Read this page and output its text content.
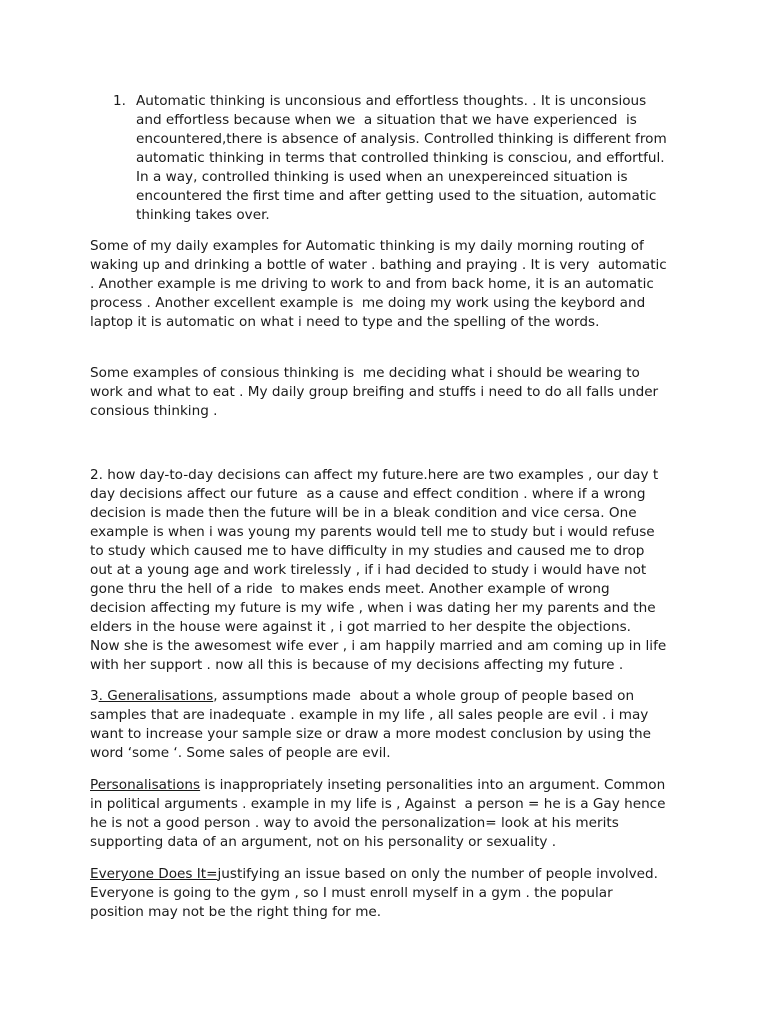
1. Automatic thinking is unconsious and effortless thoughts. . It is unconsious
and effortless because when we  a situation that we have experienced  is
encountered,there is absence of analysis. Controlled thinking is different from
automatic thinking in terms that controlled thinking is consciou, and effortful.
In a way, controlled thinking is used when an unexpereinced situation is
encountered the first time and after getting used to the situation, automatic
thinking takes over.
Some of my daily examples for Automatic thinking is my daily morning routing of
waking up and drinking a bottle of water . bathing and praying . It is very  automatic
. Another example is me driving to work to and from back home, it is an automatic
process . Another excellent example is  me doing my work using the keybord and
laptop it is automatic on what i need to type and the spelling of the words.
Some examples of consious thinking is  me deciding what i should be wearing to
work and what to eat . My daily group breifing and stuffs i need to do all falls under
consious thinking .
2. how day-to-day decisions can affect my future.here are two examples , our day t
day decisions affect our future  as a cause and effect condition . where if a wrong
decision is made then the future will be in a bleak condition and vice cersa. One
example is when i was young my parents would tell me to study but i would refuse
to study which caused me to have difficulty in my studies and caused me to drop
out at a young age and work tirelessly , if i had decided to study i would have not
gone thru the hell of a ride  to makes ends meet. Another example of wrong
decision affecting my future is my wife , when i was dating her my parents and the
elders in the house were against it , i got married to her despite the objections.
Now she is the awesomest wife ever , i am happily married and am coming up in life
with her support . now all this is because of my decisions affecting my future .
3. Generalisations, assumptions made  about a whole group of people based on
samples that are inadequate . example in my life , all sales people are evil . i may
want to increase your sample size or draw a more modest conclusion by using the
word ‘some ‘. Some sales of people are evil.
Personalisations is inappropriately inseting personalities into an argument. Common
in political arguments . example in my life is , Against  a person = he is a Gay hence
he is not a good person . way to avoid the personalization= look at his merits
supporting data of an argument, not on his personality or sexuality .
Everyone Does It=justifying an issue based on only the number of people involved.
Everyone is going to the gym , so I must enroll myself in a gym . the popular
position may not be the right thing for me.
